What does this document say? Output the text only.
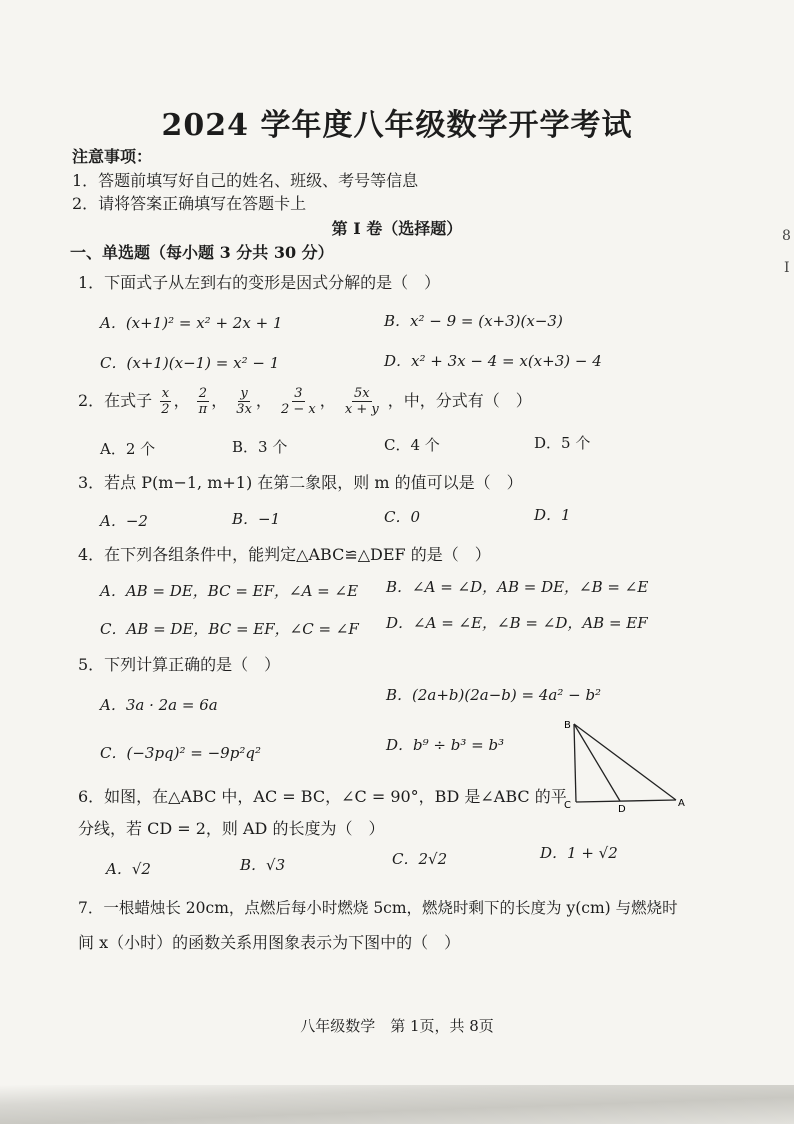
2024 学年度八年级数学开学考试
注意事项：
1．答题前填写好自己的姓名、班级、考号等信息
2．请将答案正确填写在答题卡上
第 I 卷（选择题）
一、单选题（每小题 3 分共 30 分）
8
I
1．下面式子从左到右的变形是因式分解的是（　）
A．(x+1)² = x² + 2x + 1	B．x² − 9 = (x+3)(x−3)
C．(x+1)(x−1) = x² − 1	D．x² + 3x − 4 = x(x+3) − 4
2．在式子 $\frac{x}{2}$ ， $\frac{2}{\pi}$ ， $\frac{y}{3x}$ ， $\frac{3}{2 - x}$ ， $\frac{5x}{x + y}$ ，中，分式有（　）
A．2 个	B．3 个	C．4 个	D．5 个
3．若点 P(m−1, m+1) 在第二象限，则 m 的值可以是（　）
A．−2	B．−1	C．0	D．1
4．在下列各组条件中，能判定△ABC≌△DEF 的是（　）
A．AB = DE，BC = EF，∠A = ∠E B．∠A = ∠D，AB = DE，∠B = ∠E
C．AB = DE，BC = EF，∠C = ∠F D．∠A = ∠E，∠B = ∠D，AB = EF
5．下列计算正确的是（　）
A．3a · 2a = 6a
B．(2a+b)(2a−b) = 4a² − b²
C．(−3pq)² = −9p²q²	D．b⁹ ÷ b³ = b³
B
C	D
A
6．如图，在△ABC 中，AC = BC，∠C = 90°，BD 是∠ABC 的平
分线，若 CD = 2，则 AD 的长度为（　）
A．√2	B．√3	C．2√2	D．1 + √2
7．一根蜡烛长 20cm，点燃后每小时燃烧 5cm，燃烧时剩下的长度为 y(cm) 与燃烧时
间 x（小时）的函数关系用图象表示为下图中的（　）
八年级数学　第 1页，共 8页
